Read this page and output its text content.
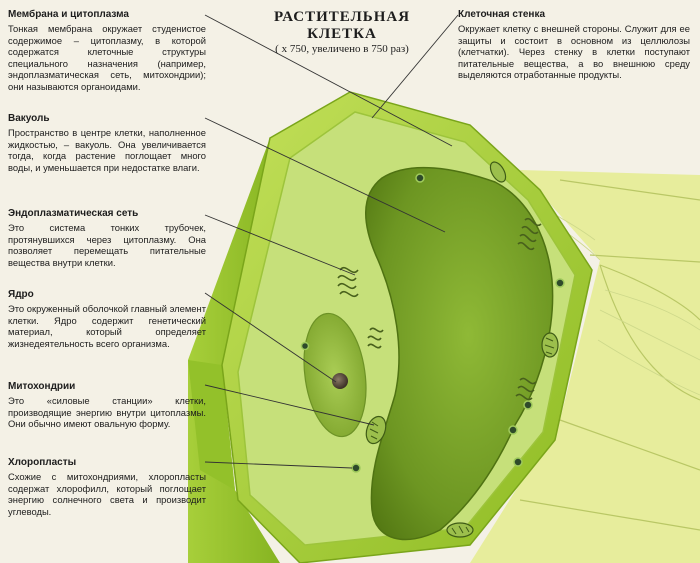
РАСТИТЕЛЬНАЯ КЛЕТКА
( х 750, увеличено в 750 раз)
Мембрана и цитоплазма
Тонкая мембрана окружает студенистое содержимое – цитоплазму, в которой содержатся клеточные структуры специального назначения (например, эндоплазматическая сеть, митохондрии); они называются органоидами.
Вакуоль
Пространство в центре клетки, наполненное жидкостью, – вакуоль. Она увеличивается тогда, когда растение поглощает много воды, и уменьшается при недостатке влаги.
Эндоплазматическая сеть
Это система тонких трубочек, протянувшихся через цитоплазму. Она позволяет перемещать питательные вещества внутри клетки.
Ядро
Это окруженный оболочкой главный элемент клетки. Ядро содержит генетический материал, который определяет жизнедеятельность всего организма.
Митохондрии
Это «силовые станции» клетки, производящие энергию внутри цитоплазмы. Они обычно имеют овальную форму.
Хлоропласты
Схожие с митохондриями, хлоропласты содержат хлорофилл, который поглощает энергию солнечного света и производит углеводы.
Клеточная стенка
Окружает клетку с внешней стороны. Служит для ее защиты и состоит в основном из целлюлозы (клетчатки). Через стенку в клетки поступают питательные вещества, а во внешнюю среду выделяются отработанные продукты.
